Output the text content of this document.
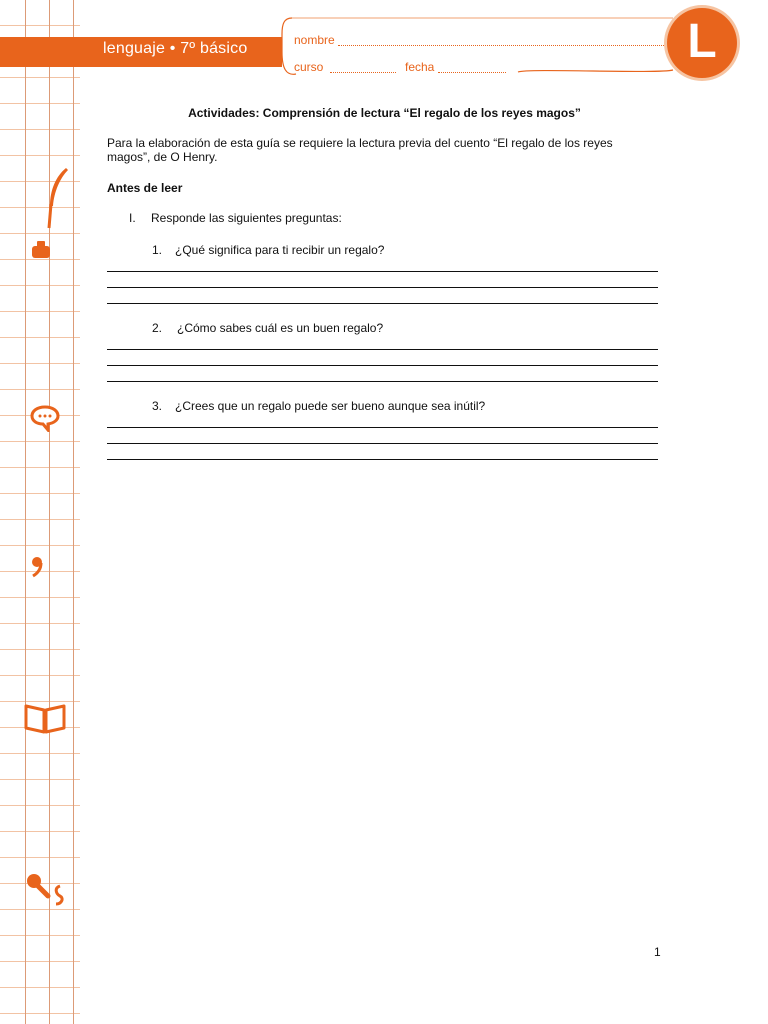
lenguaje • 7º básico	nombre
curso	fecha	L
Actividades: Comprensión de lectura “El regalo de los reyes magos”
Para la elaboración de esta guía se requiere la lectura previa del cuento “El regalo de los reyes magos”, de O Henry.
Antes de leer
I. Responde las siguientes preguntas:
1. ¿Qué significa para ti recibir un regalo?
2. ¿Cómo sabes cuál es un buen regalo?
3. ¿Crees que un regalo puede ser bueno aunque sea inútil?
1
